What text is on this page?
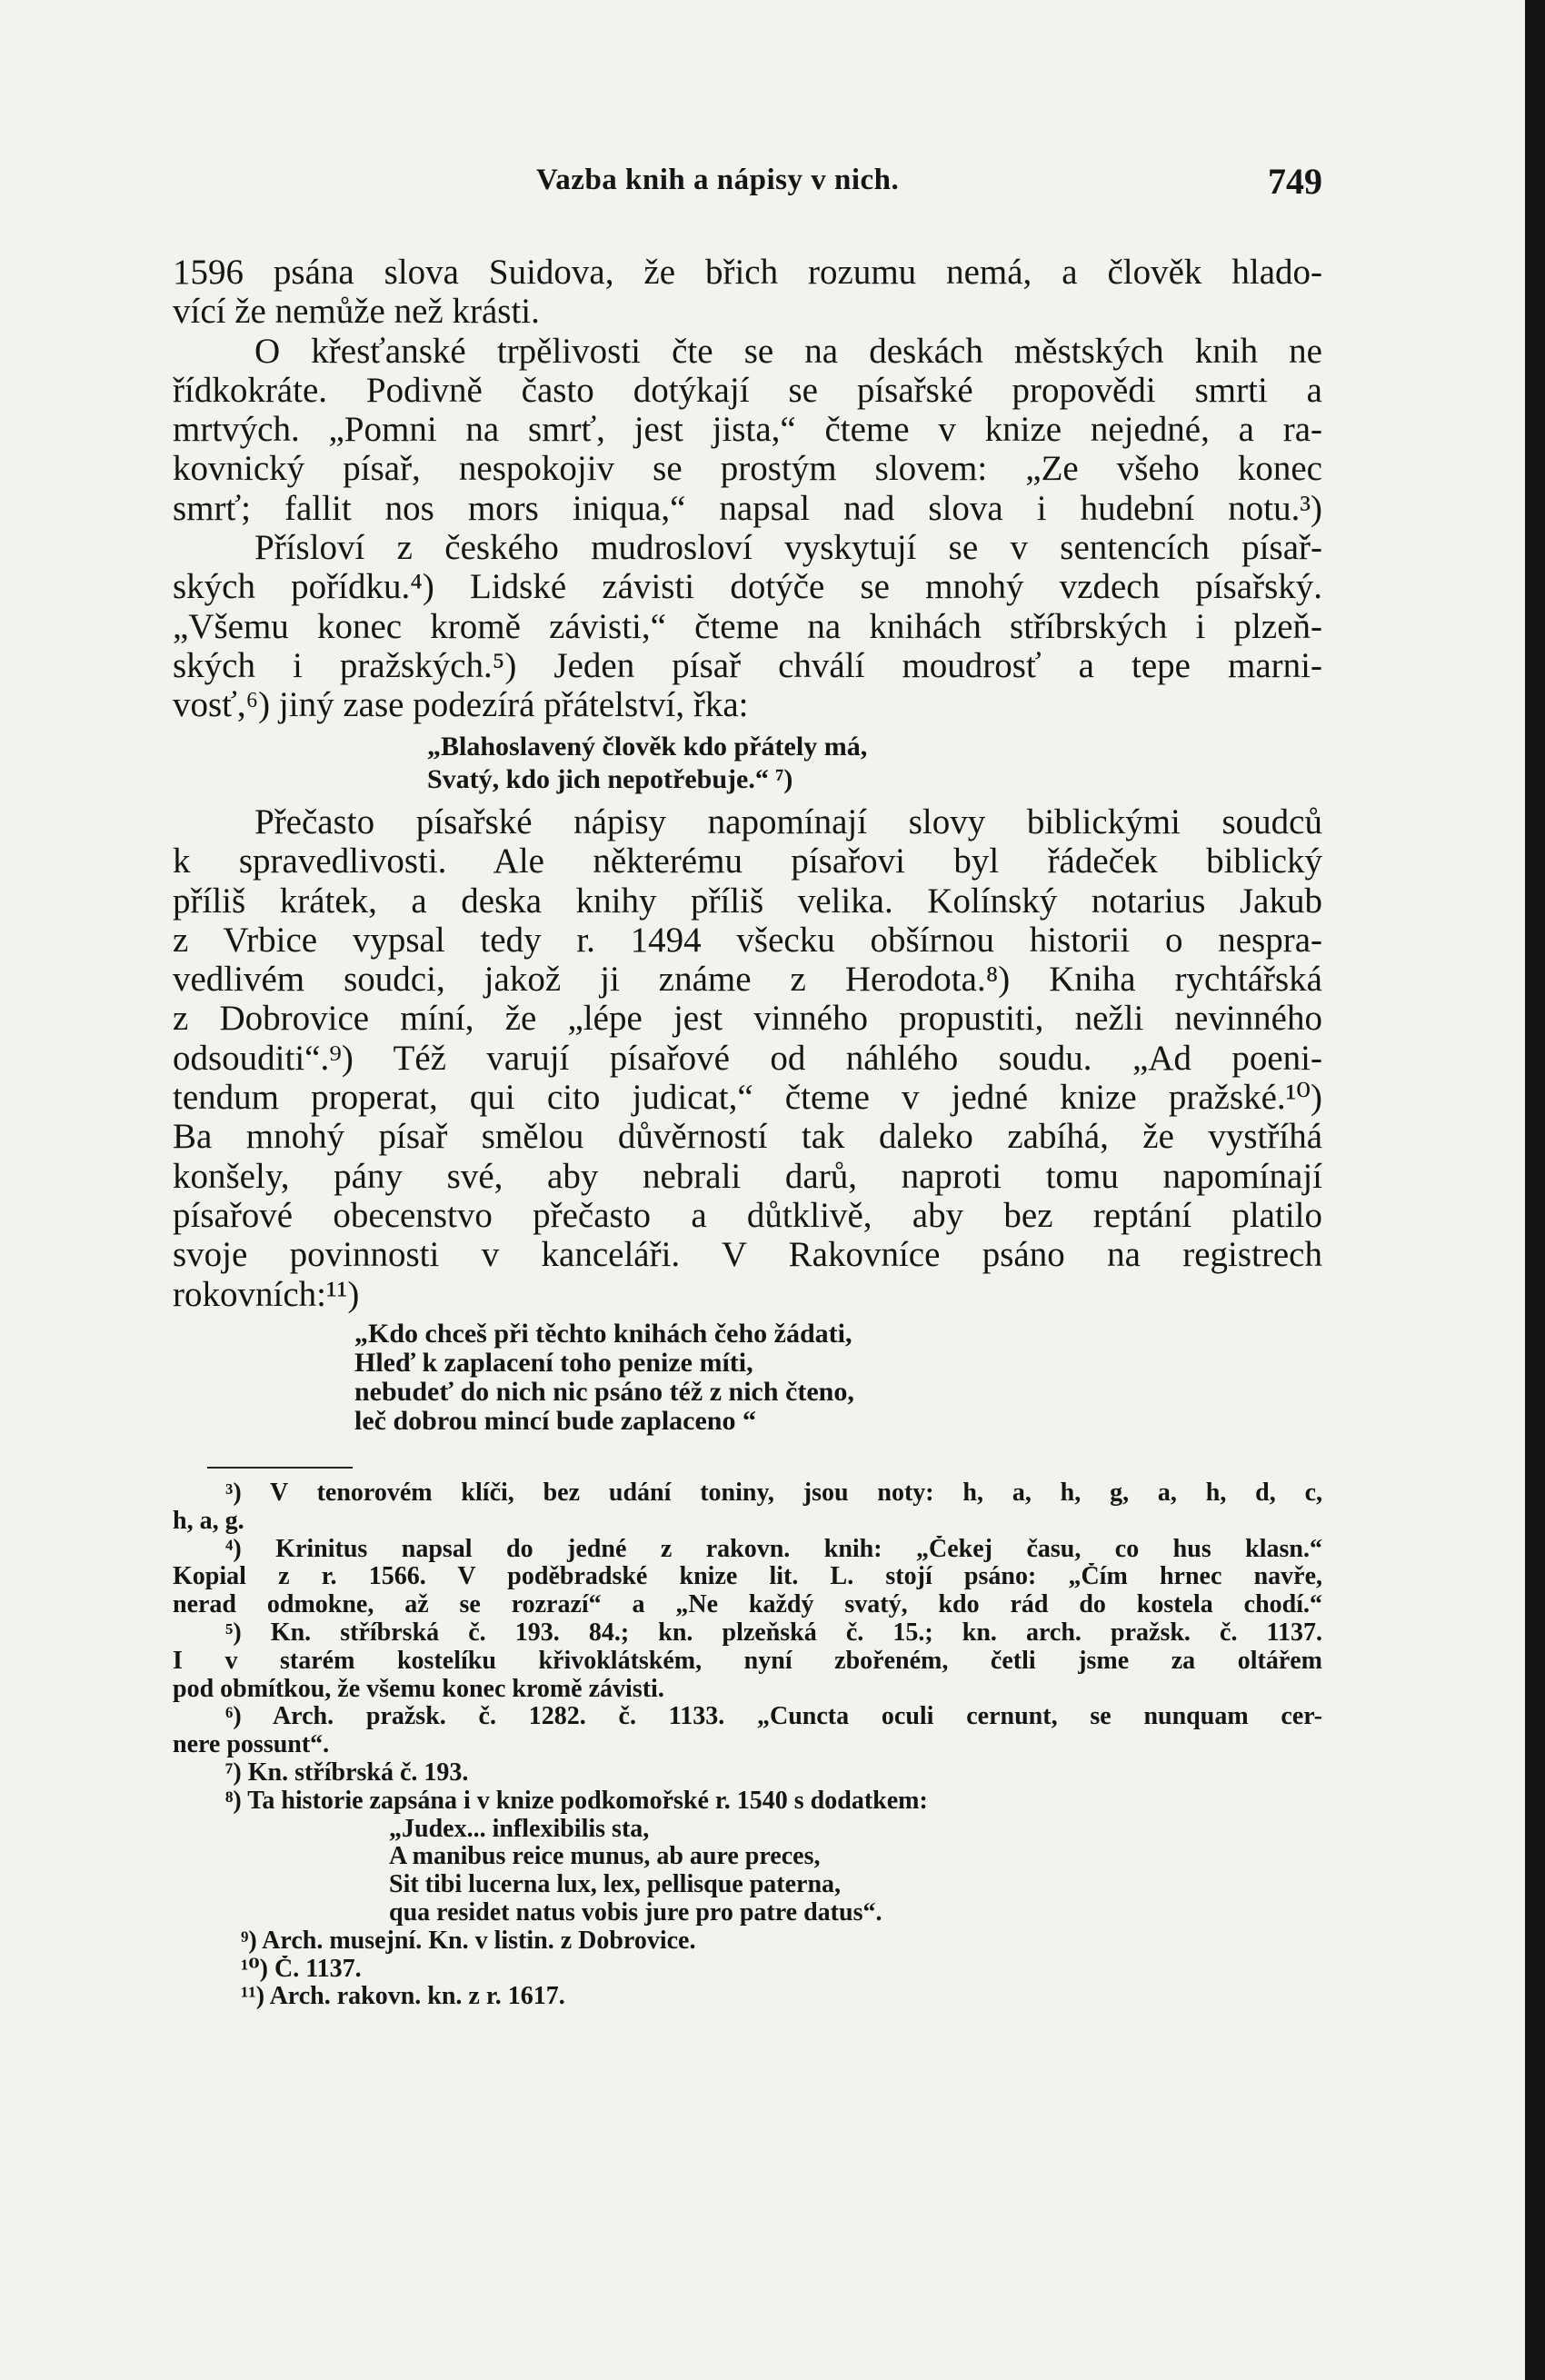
Vazba knih a nápisy v nich.	749
1596 psána slova Suidova, že břich rozumu nemá, a člověk hlado-
vící že nemůže než krásti.
O křesťanské trpělivosti čte se na deskách městských knih ne
řídkokráte. Podivně často dotýkají se písařské propovědi smrti a
mrtvých. „Pomni na smrť, jest jista,“ čteme v knize nejedné, a ra-
kovnický písař, nespokojiv se prostým slovem: „Ze všeho konec
smrť; fallit nos mors iniqua,“ napsal nad slova i hudební notu.³)
Přísloví z českého mudrosloví vyskytují se v sentencích písař-
ských pořídku.⁴) Lidské závisti dotýče se mnohý vzdech písařský.
„Všemu konec kromě závisti,“ čteme na knihách stříbrských i plzeň-
ských i pražských.⁵) Jeden písař chválí moudrosť a tepe marni-
vosť,⁶) jiný zase podezírá přátelství, řka:
„Blahoslavený člověk kdo přátely má,
Svatý, kdo jich nepotřebuje.“ ⁷)
Přečasto písařské nápisy napomínají slovy biblickými soudců
k spravedlivosti. Ale některému písařovi byl řádeček biblický
příliš krátek, a deska knihy příliš velika. Kolínský notarius Jakub
z Vrbice vypsal tedy r. 1494 všecku obšírnou historii o nespra-
vedlivém soudci, jakož ji známe z Herodota.⁸) Kniha rychtářská
z Dobrovice míní, že „lépe jest vinného propustiti, nežli nevinného
odsouditi“.⁹) Též varují písařové od náhlého soudu. „Ad poeni-
tendum properat, qui cito judicat,“ čteme v jedné knize pražské.¹⁰)
Ba mnohý písař smělou důvěrností tak daleko zabíhá, že vystříhá
konšely, pány své, aby nebrali darů, naproti tomu napomínají
písařové obecenstvo přečasto a důtklivě, aby bez reptání platilo
svoje povinnosti v kanceláři. V Rakovníce psáno na registrech
rokovních:¹¹)
„Kdo chceš při těchto knihách čeho žádati,
Hleď k zaplacení toho penize míti,
nebudeť do nich nic psáno též z nich čteno,
leč dobrou mincí bude zaplaceno “
³) V tenorovém klíči, bez udání toniny, jsou noty: h, a, h, g, a, h, d, c,
h, a, g.
⁴) Krinitus napsal do jedné z rakovn. knih: „Čekej času, co hus klasn.“
Kopial z r. 1566. V poděbradské knize lit. L. stojí psáno: „Čím hrnec navře,
nerad odmokne, až se rozrazí“ a „Ne každý svatý, kdo rád do kostela chodí.“
⁵) Kn. stříbrská č. 193. 84.; kn. plzeňská č. 15.; kn. arch. pražsk. č. 1137.
I v starém kostelíku křivoklátském, nyní zbořeném, četli jsme za oltářem
pod obmítkou, že všemu konec kromě závisti.
⁶) Arch. pražsk. č. 1282. č. 1133. „Cuncta oculi cernunt, se nunquam cer-
nere possunt“.
⁷) Kn. stříbrská č. 193.
⁸) Ta historie zapsána i v knize podkomořské r. 1540 s dodatkem:
„Judex... inflexibilis sta,
A manibus reice munus, ab aure preces,
Sit tibi lucerna lux, lex, pellisque paterna,
qua residet natus vobis jure pro patre datus“.
⁹) Arch. musejní. Kn. v listin. z Dobrovice.
¹⁰) Č. 1137.
¹¹) Arch. rakovn. kn. z r. 1617.
